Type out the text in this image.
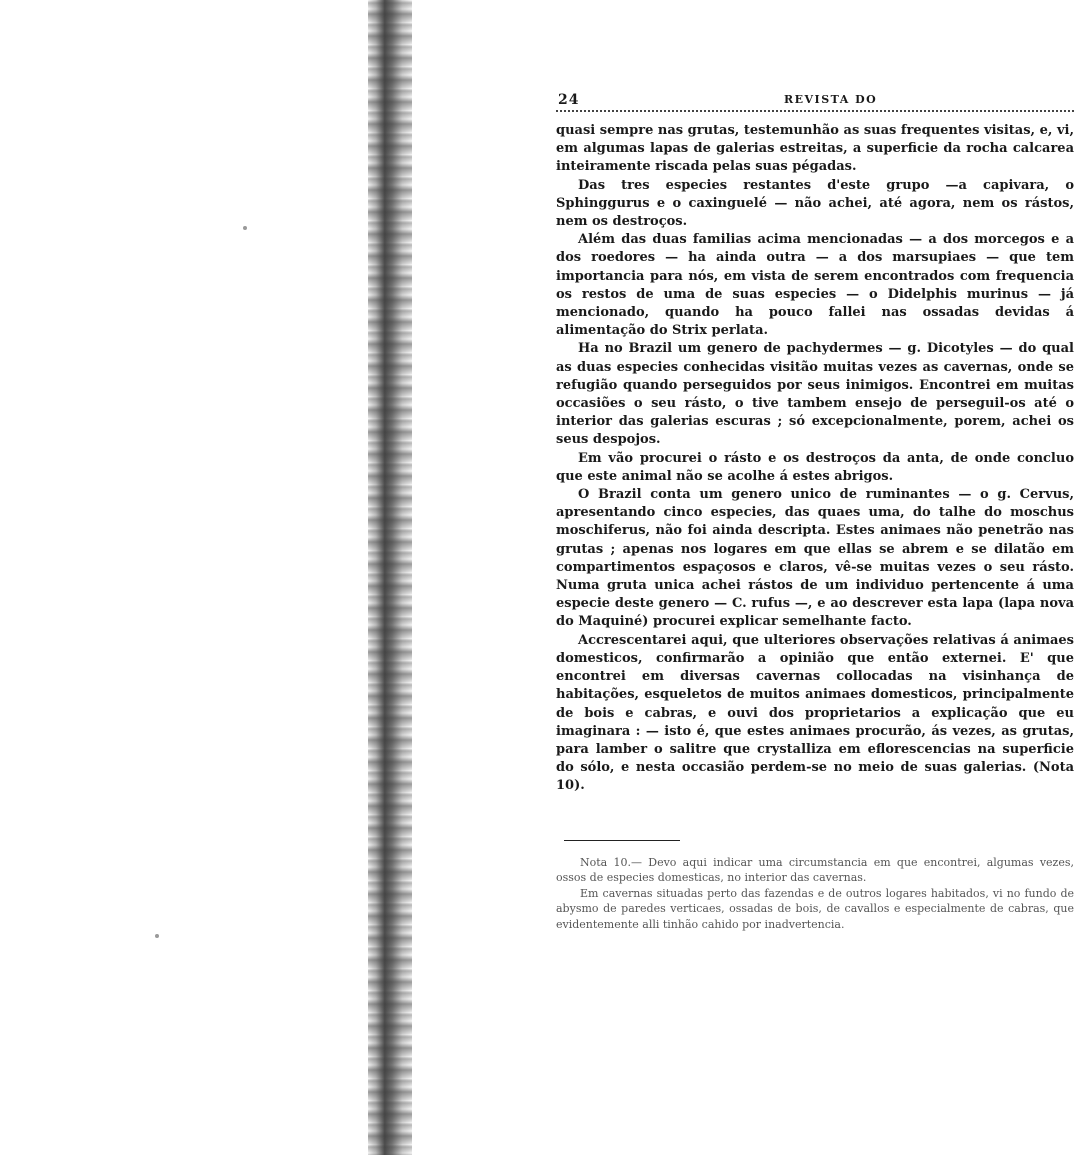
24	REVISTA DO

quasi sempre nas grutas, testemunhão as suas frequentes visitas, e, vi, em algumas lapas de galerias estreitas, a superficie da rocha calcarea inteiramente riscada pelas suas pégadas.

Das tres especies restantes d'este grupo —a capivara, o Sphinggurus e o caxinguelé — não achei, até agora, nem os rástos, nem os destroços.

Além das duas familias acima mencionadas — a dos morcegos e a dos roedores — ha ainda outra — a dos marsupiaes — que tem importancia para nós, em vista de serem encontrados com frequencia os restos de uma de suas especies — o Didelphis murinus — já mencionado, quando ha pouco fallei nas ossadas devidas á alimentação do Strix perlata.

Ha no Brazil um genero de pachydermes — g. Dicotyles — do qual as duas especies conhecidas visitão muitas vezes as cavernas, onde se refugião quando perseguidos por seus inimigos. Encontrei em muitas occasiões o seu rásto, o tive tambem ensejo de perseguil-os até o interior das galerias escuras ; só excepcionalmente, porem, achei os seus despojos.

Em vão procurei o rásto e os destroços da anta, de onde concluo que este animal não se acolhe á estes abrigos.

O Brazil conta um genero unico de ruminantes — o g. Cervus, apresentando cinco especies, das quaes uma, do talhe do moschus moschiferus, não foi ainda descripta. Estes animaes não penetrão nas grutas ; apenas nos logares em que ellas se abrem e se dilatão em compartimentos espaçosos e claros, vê-se muitas vezes o seu rásto. Numa gruta unica achei rástos de um individuo pertencente á uma especie deste genero — C. rufus —, e ao descrever esta lapa (lapa nova do Maquiné) procurei explicar semelhante facto.

Accrescentarei aqui, que ulteriores observações relativas á animaes domesticos, confirmarão a opinião que então externei. E' que encontrei em diversas cavernas collocadas na visinhança de habitações, esqueletos de muitos animaes domesticos, principalmente de bois e cabras, e ouvi dos proprietarios a explicação que eu imaginara : — isto é, que estes animaes procurão, ás vezes, as grutas, para lamber o salitre que crystalliza em eflorescencias na superficie do sólo, e nesta occasião perdem-se no meio de suas galerias. (Nota 10).

Nota 10.— Devo aqui indicar uma circumstancia em que encontrei, algumas vezes, ossos de especies domesticas, no interior das cavernas.

Em cavernas situadas perto das fazendas e de outros logares habitados, vi no fundo de abysmo de paredes verticaes, ossadas de bois, de cavallos e especialmente de cabras, que evidentemente alli tinhão cahido por inadvertencia.
